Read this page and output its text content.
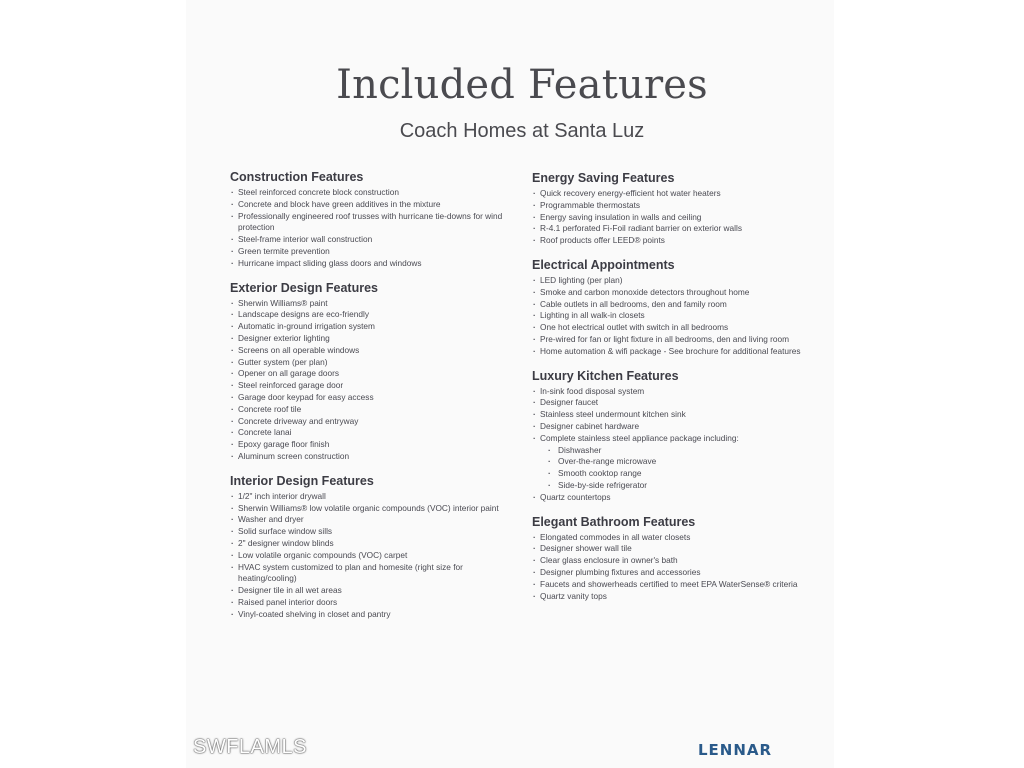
Included Features
Coach Homes at Santa Luz
Construction Features
· Steel reinforced concrete block construction
· Concrete and block have green additives in the mixture
· Professionally engineered roof trusses with hurricane tie-downs for wind protection
· Steel-frame interior wall construction
· Green termite prevention
· Hurricane impact sliding glass doors and windows
Exterior Design Features
· Sherwin Williams® paint
· Landscape designs are eco-friendly
· Automatic in-ground irrigation system
· Designer exterior lighting
· Screens on all operable windows
· Gutter system (per plan)
· Opener on all garage doors
· Steel reinforced garage door
· Garage door keypad for easy access
· Concrete roof tile
· Concrete driveway and entryway
· Concrete lanai
· Epoxy garage floor finish
· Aluminum screen construction
Interior Design Features
· 1/2" inch interior drywall
· Sherwin Williams® low volatile organic compounds (VOC) interior paint
· Washer and dryer
· Solid surface window sills
· 2" designer window blinds
· Low volatile organic compounds (VOC) carpet
· HVAC system customized to plan and homesite (right size for heating/cooling)
· Designer tile in all wet areas
· Raised panel interior doors
· Vinyl-coated shelving in closet and pantry
Energy Saving Features
· Quick recovery energy-efficient hot water heaters
· Programmable thermostats
· Energy saving insulation in walls and ceiling
· R-4.1 perforated Fi-Foil radiant barrier on exterior walls
· Roof products offer LEED® points
Electrical Appointments
· LED lighting (per plan)
· Smoke and carbon monoxide detectors throughout home
· Cable outlets in all bedrooms, den and family room
· Lighting in all walk-in closets
· One hot electrical outlet with switch in all bedrooms
· Pre-wired for fan or light fixture in all bedrooms, den and living room
· Home automation & wifi package - See brochure for additional features
Luxury Kitchen Features
· In-sink food disposal system
· Designer faucet
· Stainless steel undermount kitchen sink
· Designer cabinet hardware
· Complete stainless steel appliance package including:
· Dishwasher
· Over-the-range microwave
· Smooth cooktop range
· Side-by-side refrigerator
· Quartz countertops
Elegant Bathroom Features
· Elongated commodes in all water closets
· Designer shower wall tile
· Clear glass enclosure in owner's bath
· Designer plumbing fixtures and accessories
· Faucets and showerheads certified to meet EPA WaterSense® criteria
· Quartz vanity tops
SWFLAMLS	LENNAR
